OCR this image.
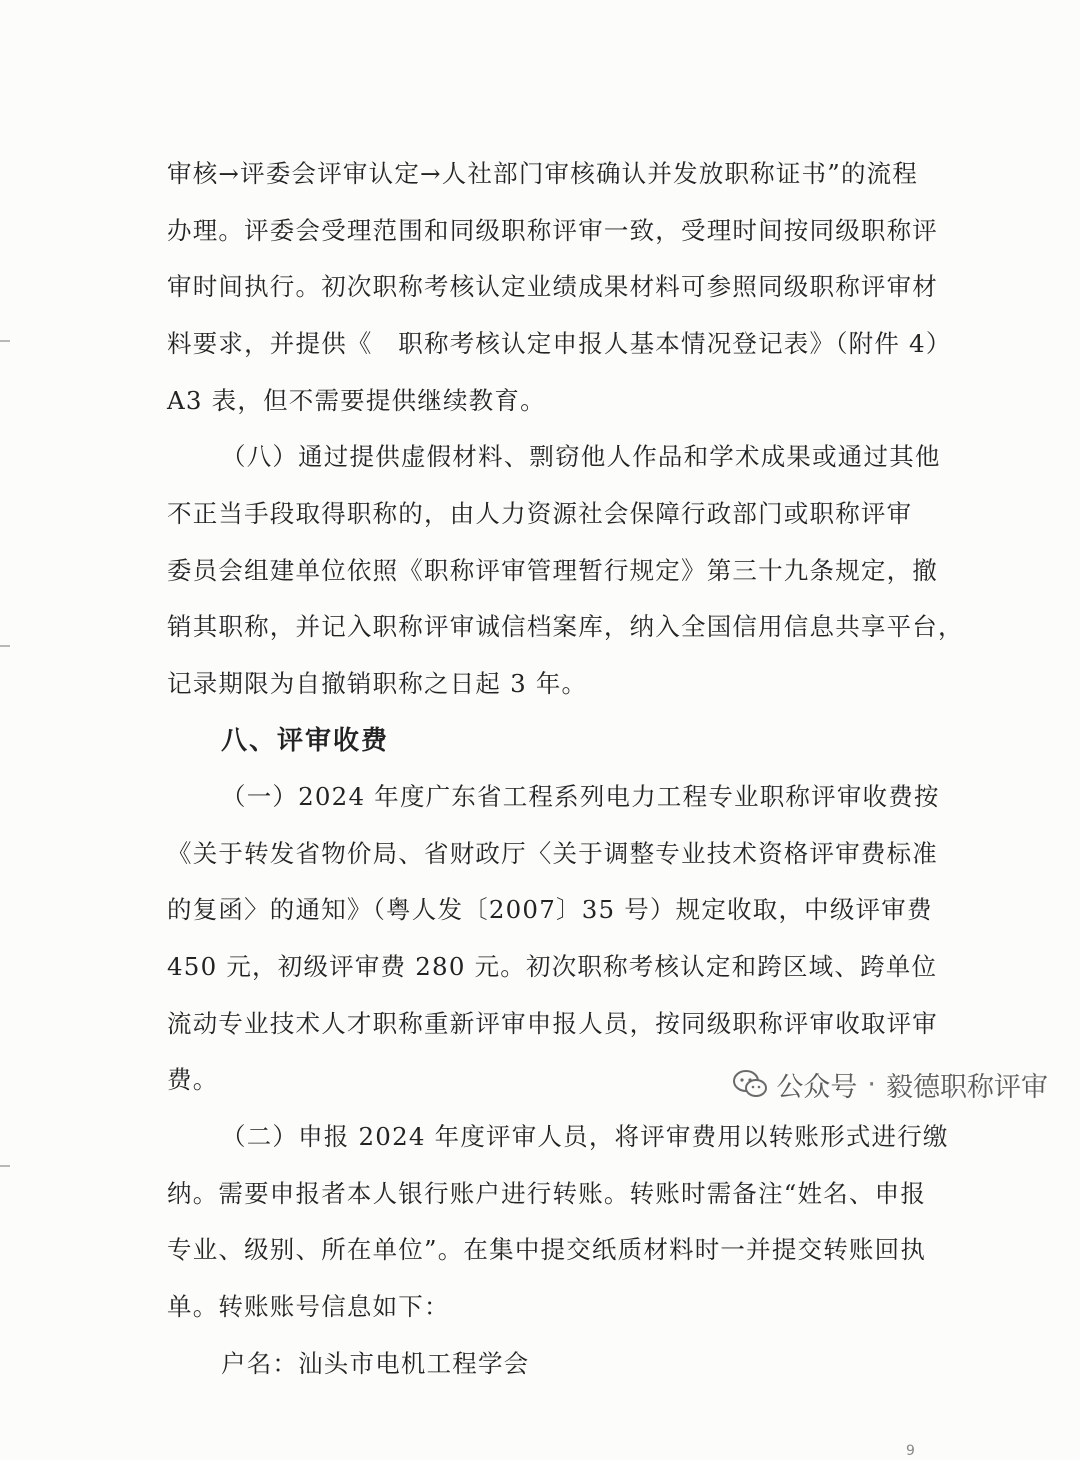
审核→评委会评审认定→人社部门审核确认并发放职称证书”的流程
办理。评委会受理范围和同级职称评审一致，受理时间按同级职称评
审时间执行。初次职称考核认定业绩成果材料可参照同级职称评审材
料要求，并提供《　职称考核认定申报人基本情况登记表》（附件 4）
A3 表，但不需要提供继续教育。
（八）通过提供虚假材料、剽窃他人作品和学术成果或通过其他
不正当手段取得职称的，由人力资源社会保障行政部门或职称评审
委员会组建单位依照《职称评审管理暂行规定》第三十九条规定，撤
销其职称，并记入职称评审诚信档案库，纳入全国信用信息共享平台，
记录期限为自撤销职称之日起 3 年。
八、评审收费
（一）2024 年度广东省工程系列电力工程专业职称评审收费按
《关于转发省物价局、省财政厅〈关于调整专业技术资格评审费标准
的复函〉的通知》（粤人发〔2007〕35 号）规定收取，中级评审费
450 元，初级评审费 280 元。初次职称考核认定和跨区域、跨单位
流动专业技术人才职称重新评审申报人员，按同级职称评审收取评审
费。
（二）申报 2024 年度评审人员，将评审费用以转账形式进行缴
纳。需要申报者本人银行账户进行转账。转账时需备注“姓名、申报
专业、级别、所在单位”。在集中提交纸质材料时一并提交转账回执
单。转账账号信息如下：
户名：汕头市电机工程学会
公众号 · 毅德职称评审
9
